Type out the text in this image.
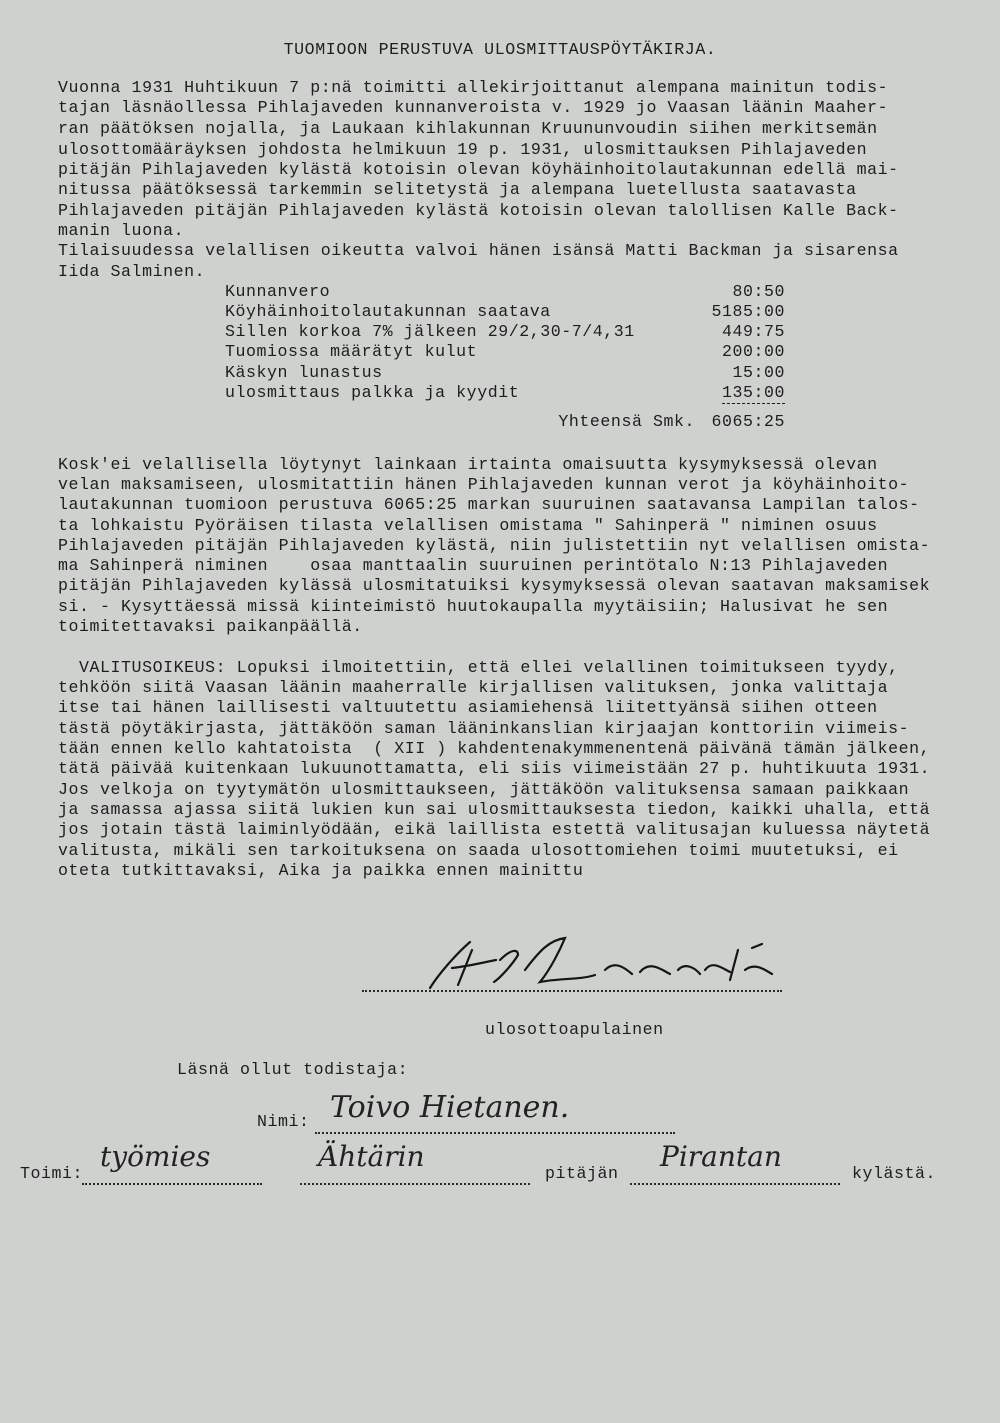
TUOMIOON PERUSTUVA ULOSMITTAUSPÖYTÄKIRJA.
Vuonna 1931 Huhtikuun 7 p:nä toimitti allekirjoittanut alempana mainitun todis-
tajan läsnäollessa Pihlajaveden kunnanveroista v. 1929 jo Vaasan läänin Maaher-
ran päätöksen nojalla, ja Laukaan kihlakunnan Kruununvoudin siihen merkitsemän
ulosottomääräyksen johdosta helmikuun 19 p. 1931, ulosmittauksen Pihlajaveden
pitäjän Pihlajaveden kylästä kotoisin olevan köyhäinhoitolautakunnan edellä mai-
nitussa päätöksessä tarkemmin selitetystä ja alempana luetellusta saatavasta
Pihlajaveden pitäjän Pihlajaveden kylästä kotoisin olevan talollisen Kalle Back-
manin luona.
Tilaisuudessa velallisen oikeutta valvoi hänen isänsä Matti Backman ja sisarensa
Iida Salminen.
Kunnanvero	80:50
Köyhäinhoitolautakunnan saatava	5185:00
Sillen korkoa 7% jälkeen 29/2,30-7/4,31	449:75
Tuomiossa määrätyt kulut	200:00
Käskyn lunastus	15:00
ulosmittaus palkka ja kyydit	135:00
Yhteensä Smk. 6065:25
Kosk'ei velallisella löytynyt lainkaan irtainta omaisuutta kysymyksessä olevan
velan maksamiseen, ulosmitattiin hänen Pihlajaveden kunnan verot ja köyhäinhoito-
lautakunnan tuomioon perustuva 6065:25 markan suuruinen saatavansa Lampilan talos-
ta lohkaistu Pyöräisen tilasta velallisen omistama " Sahinperä " niminen osuus
Pihlajaveden pitäjän Pihlajaveden kylästä, niin julistettiin nyt velallisen omista-
ma Sahinperä niminen    osaa manttaalin suuruinen perintötalo N:13 Pihlajaveden
pitäjän Pihlajaveden kylässä ulosmitatuiksi kysymyksessä olevan saatavan maksamisek
si. - Kysyttäessä missä kiinteimistö huutokaupalla myytäisiin; Halusivat he sen
toimitettavaksi paikanpäällä.
VALITUSOIKEUS: Lopuksi ilmoitettiin, että ellei velallinen toimitukseen tyydy,
tehköön siitä Vaasan läänin maaherralle kirjallisen valituksen, jonka valittaja
itse tai hänen laillisesti valtuutettu asiamiehensä liitettyänsä siihen otteen
tästä pöytäkirjasta, jättäköön saman lääninkanslian kirjaajan konttoriin viimeis-
tään ennen kello kahtatoista  ( XII ) kahdentenakymmenentenä päivänä tämän jälkeen,
tätä päivää kuitenkaan lukuunottamatta, eli siis viimeistään 27 p. huhtikuuta 1931.
Jos velkoja on tyytymätön ulosmittaukseen, jättäköön valituksensa samaan paikkaan
ja samassa ajassa siitä lukien kun sai ulosmittauksesta tiedon, kaikki uhalla, että
jos jotain tästä laiminlyödään, eikä laillista estettä valitusajan kuluessa näytetä
valitusta, mikäli sen tarkoituksena on saada ulosottomiehen toimi muutetuksi, ei
oteta tutkittavaksi, Aika ja paikka ennen mainittu
ulosottoapulainen
Läsnä ollut todistaja:
Nimi: Toivo Hietanen.
Toimi:
työmies	Ähtärin
pitäjän
Pirantan
kylästä.
